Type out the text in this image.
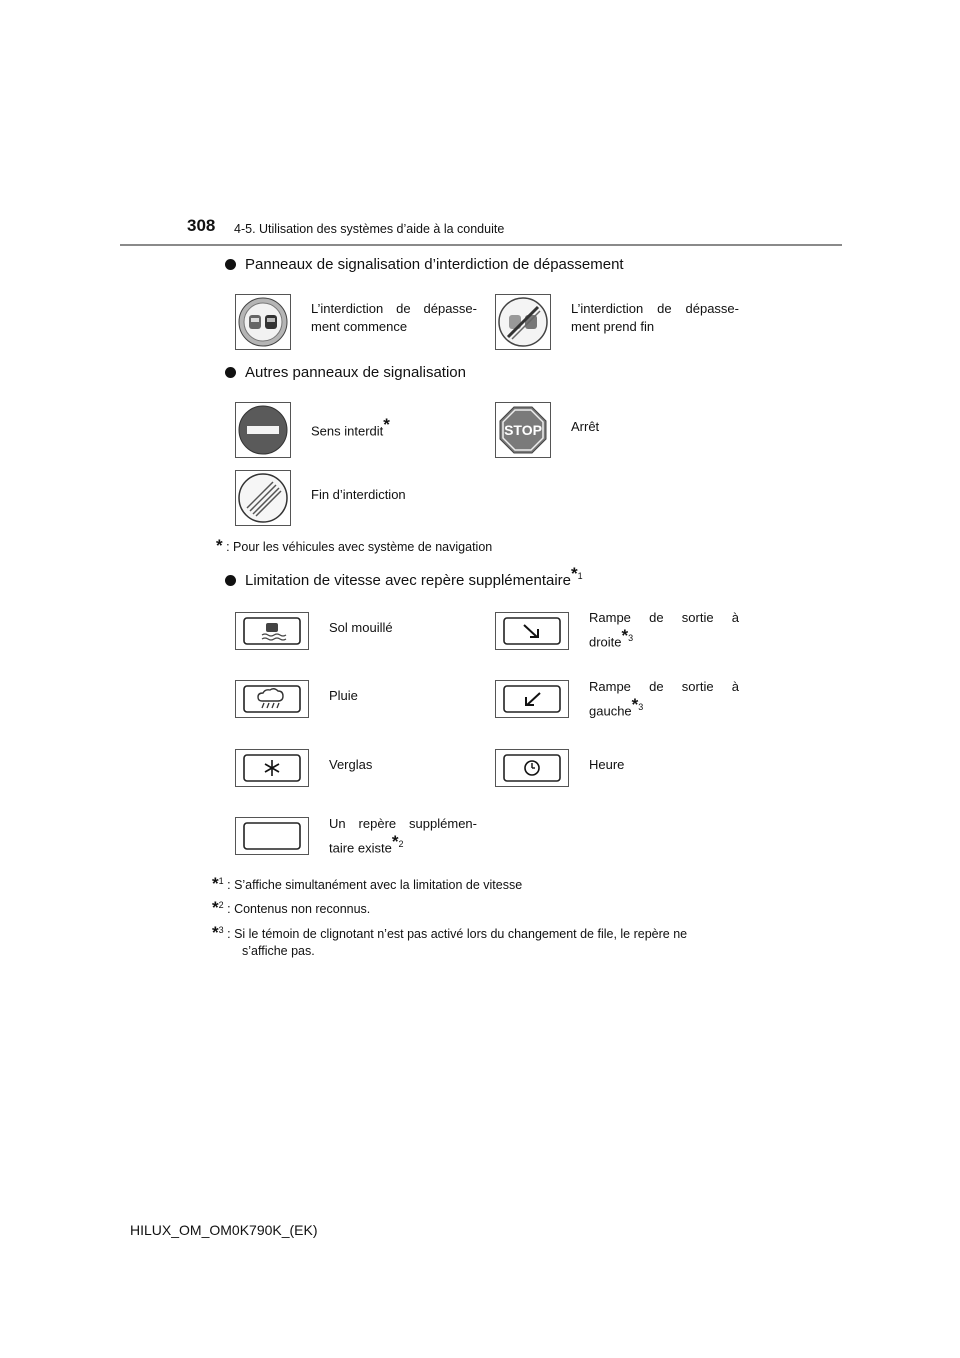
308 4-5. Utilisation des systèmes d’aide à la conduite
Panneaux de signalisation d’interdiction de dépassement
L’interdiction de dépasse-
ment commence
L’interdiction de dépasse-
ment prend fin
Autres panneaux de signalisation
Sens interdit*	STOP Arrêt
Fin d’interdiction
* : Pour les véhicules avec système de navigation
Limitation de vitesse avec repère supplémentaire$^{*1}$
Sol mouillé
Rampe de sortie à
droite$^{*3}$
Pluie
Rampe de sortie à
gauche$^{*3}$
Verglas	Heure
Un repère supplémen-
taire existe$^{*2}$
*$^1$ : S’affiche simultanément avec la limitation de vitesse
*$^2$ : Contenus non reconnus.
*$^3$ : Si le témoin de clignotant n’est pas activé lors du changement de file, le repère ne
s’affiche pas.
HILUX_OM_OM0K790K_(EK)
